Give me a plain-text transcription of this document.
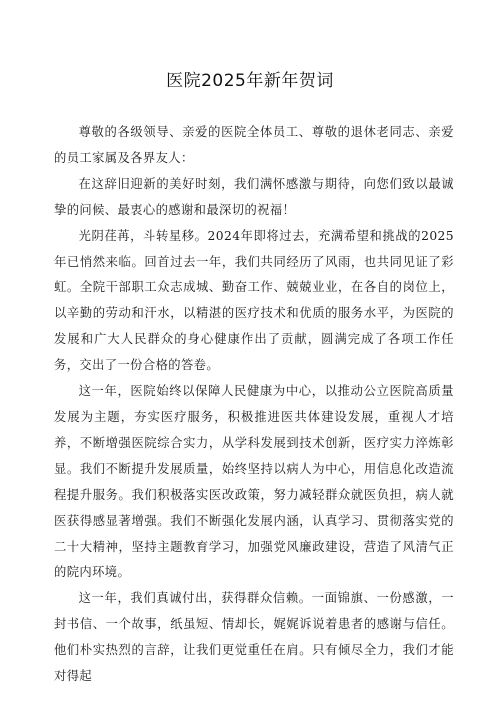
医院2025年新年贺词

尊敬的各级领导、亲爱的医院全体员工、尊敬的退休老同志、亲爱的员工家属及各界友人：

在这辞旧迎新的美好时刻，我们满怀感激与期待，向您们致以最诚挚的问候、最衷心的感谢和最深切的祝福！

光阴荏苒，斗转星移。2024年即将过去，充满希望和挑战的2025年已悄然来临。回首过去一年，我们共同经历了风雨，也共同见证了彩虹。全院干部职工众志成城、勤奋工作、兢兢业业，在各自的岗位上，以辛勤的劳动和汗水，以精湛的医疗技术和优质的服务水平，为医院的发展和广大人民群众的身心健康作出了贡献，圆满完成了各项工作任务，交出了一份合格的答卷。

这一年，医院始终以保障人民健康为中心，以推动公立医院高质量发展为主题，夯实医疗服务，积极推进医共体建设发展，重视人才培养，不断增强医院综合实力，从学科发展到技术创新，医疗实力淬炼彰显。我们不断提升发展质量，始终坚持以病人为中心，用信息化改造流程提升服务。我们积极落实医改政策，努力减轻群众就医负担，病人就医获得感显著增强。我们不断强化发展内涵，认真学习、贯彻落实党的二十大精神，坚持主题教育学习，加强党风廉政建设，营造了风清气正的院内环境。

这一年，我们真诚付出，获得群众信赖。一面锦旗、一份感激，一封书信、一个故事，纸虽短、情却长，娓娓诉说着患者的感谢与信任。他们朴实热烈的言辞，让我们更觉重任在肩。只有倾尽全力，我们才能对得起
